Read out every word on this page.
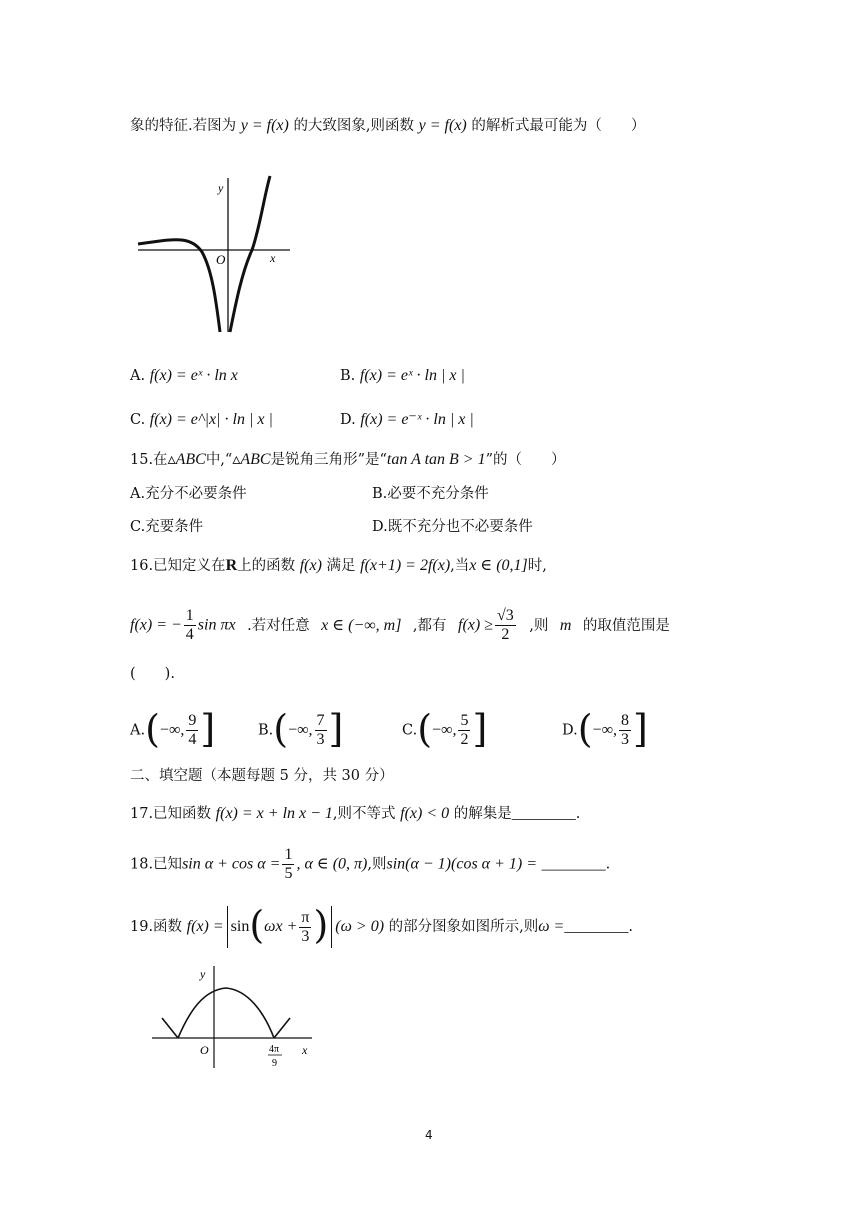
象的特征.若图为 y = f(x) 的大致图象,则函数 y = f(x) 的解析式最可能为（　　）
y
x
O
A. f(x) = eˣ · ln x	B. f(x) = eˣ · ln | x |
C. f(x) = e^|x| · ln | x |	D. f(x) = e⁻ˣ · ln | x |
15.在▵ABC中,“▵ABC是锐角三角形”是“tan A tan B > 1”的（　　）
A.充分不必要条件	B.必要不充分条件
C.充要条件	D.既不充分也不必要条件
16.已知定义在R上的函数 f(x) 满足 f(x+1) = 2f(x),当x ∈ (0,1]时,
f(x) = − $\frac{1}{4}$ sin πx .若对任意 x ∈ (−∞, m] ,都有 $f(x) \ge \frac{√3}{2}$ ,则 m 的取值范围是
(　　).
A.(−∞, $\frac{9}{4}$ ]	B.(−∞, $\frac{7}{3}$ ]	C.(−∞, $\frac{5}{2}$ ]	D.(−∞, $\frac{8}{3}$ ]
二、填空题（本题每题 5 分，共 30 分）
17.已知函数 f(x) = x + ln x − 1,则不等式 f(x) < 0 的解集是________.
18.已知$\sin \alpha + \cos \alpha = \frac{1}{5}$ , α ∈ (0, π),则sin(α − 1)(cos α + 1) = ________.
19.函数 $f(x) = \sin(\omega x + \frac{\pi}{3}$ ) (ω > 0) 的部分图象如图所示,则ω =________.
y
x
O	4π
9
4
